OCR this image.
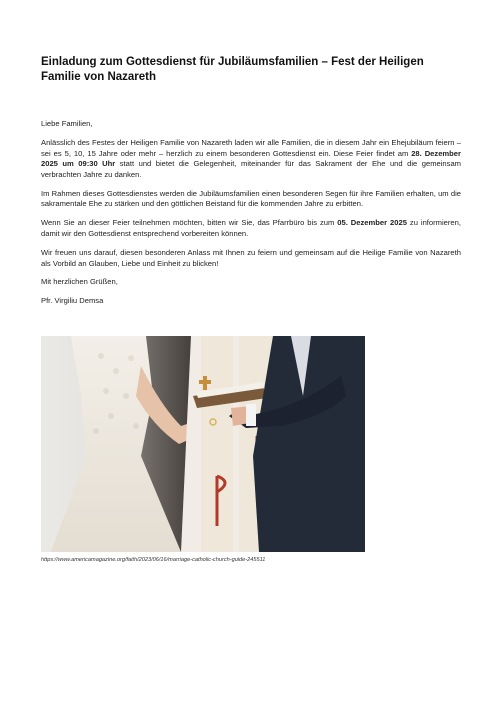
Einladung zum Gottesdienst für Jubiläumsfamilien – Fest der Heiligen Familie von Nazareth

Liebe Familien,

Anlässlich des Festes der Heiligen Familie von Nazareth laden wir alle Familien, die in diesem Jahr ein Ehejubiläum feiern – sei es 5, 10, 15 Jahre oder mehr – herzlich zu einem besonderen Gottesdienst ein. Diese Feier findet am 28. Dezember 2025 um 09:30 Uhr statt und bietet die Gelegenheit, miteinander für das Sakrament der Ehe und die gemeinsam verbrachten Jahre zu danken.

Im Rahmen dieses Gottesdienstes werden die Jubiläumsfamilien einen besonderen Segen für ihre Familien erhalten, um die sakramentale Ehe zu stärken und den göttlichen Beistand für die kommenden Jahre zu erbitten.

Wenn Sie an dieser Feier teilnehmen möchten, bitten wir Sie, das Pfarrbüro bis zum 05. Dezember 2025 zu informieren, damit wir den Gottesdienst entsprechend vorbereiten können.

Wir freuen uns darauf, diesen besonderen Anlass mit Ihnen zu feiern und gemeinsam auf die Heilige Familie von Nazareth als Vorbild an Glauben, Liebe und Einheit zu blicken!

Mit herzlichen Grüßen,

Pfr. Virgiliu Demsa

https://www.americamagazine.org/faith/2023/06/16/marriage-catholic-church-guide-245511
